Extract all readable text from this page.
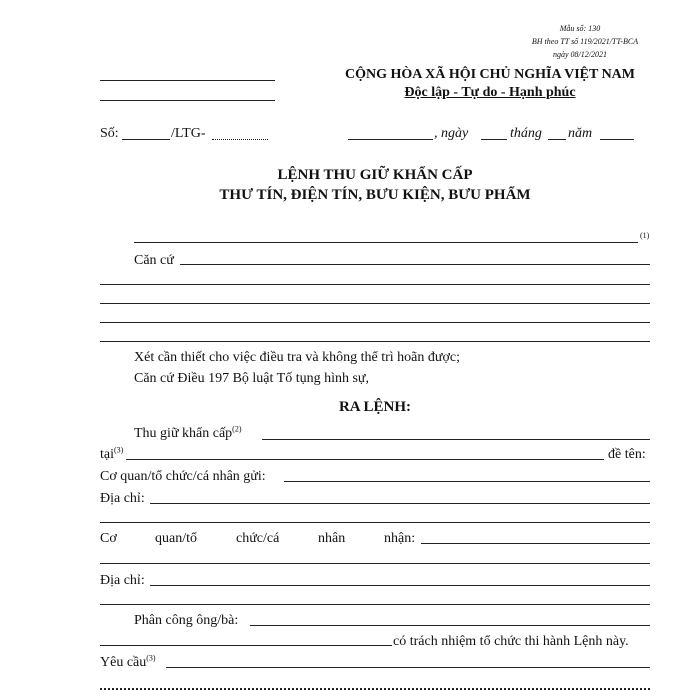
Mẫu số: 130
BH theo TT số 119/2021/TT-BCA
ngày 08/12/2021
CỘNG HÒA XÃ HỘI CHỦ NGHĨA VIỆT NAM
Độc lập - Tự do - Hạnh phúc
Số:	/LTG-	, ngày	tháng năm
LỆNH THU GIỮ KHẨN CẤP
THƯ TÍN, ĐIỆN TÍN, BƯU KIỆN, BƯU PHẨM
(1)
Căn cứ
Xét cần thiết cho việc điều tra và không thể trì hoãn được;
Căn cứ Điều 197 Bộ luật Tố tụng hình sự,
RA LỆNH:
Thu giữ khẩn cấp$^{(2)}$
tại$^{(3)}$	đề tên:
Cơ quan/tổ chức/cá nhân gửi:
Địa chỉ:
Cơ	quan/tổ	chức/cá	nhân	nhận:
Địa chỉ:
Phân công ông/bà:
có trách nhiệm tổ chức thi hành Lệnh này.
Yêu cầu$^{(3)}$
